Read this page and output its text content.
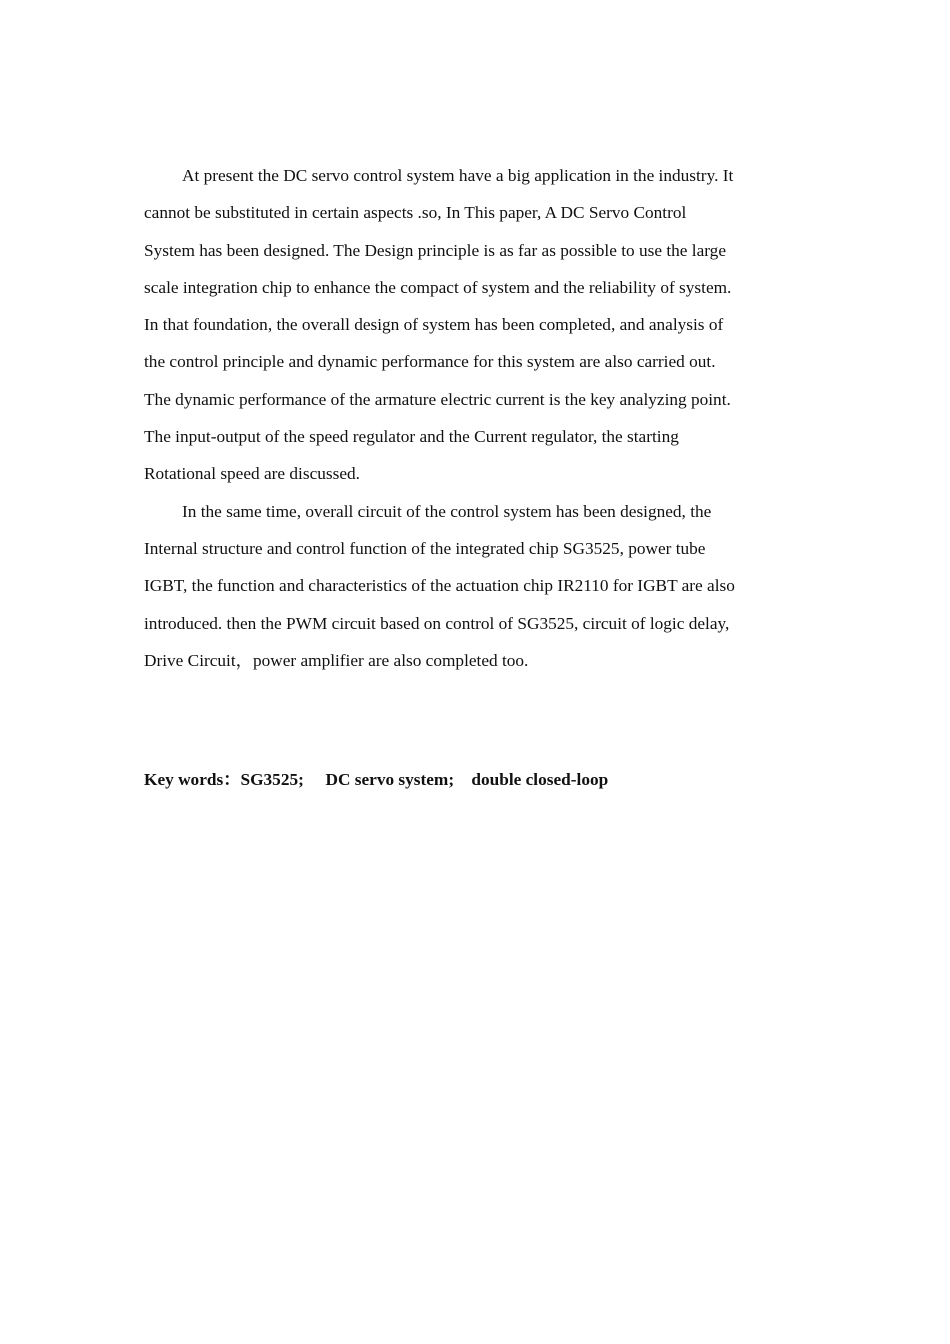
At present the DC servo control system have a big application in the industry. It
cannot be substituted in certain aspects .so, In This paper, A DC Servo Control
System has been designed. The Design principle is as far as possible to use the large
scale integration chip to enhance the compact of system and the reliability of system.
In that foundation, the overall design of system has been completed, and analysis of
the control principle and dynamic performance for this system are also carried out.
The dynamic performance of the armature electric current is the key analyzing point.
The input-output of the speed regulator and the Current regulator, the starting
Rotational speed are discussed.

In the same time, overall circuit of the control system has been designed, the
Internal structure and control function of the integrated chip SG3525, power tube
IGBT, the function and characteristics of the actuation chip IR2110 for IGBT are also
introduced. then the PWM circuit based on control of SG3525, circuit of logic delay,
Drive Circuit，power amplifier are also completed too.

Key words：SG3525; DC servo system; double closed-loop
